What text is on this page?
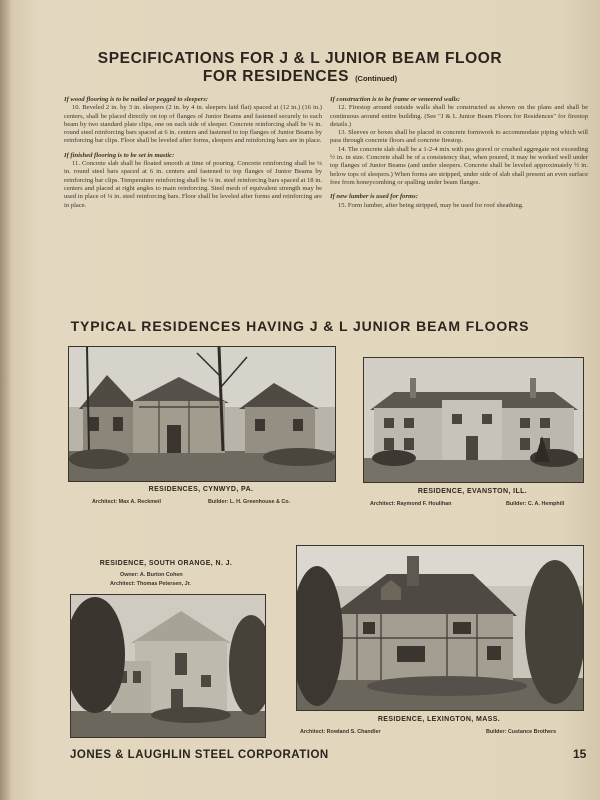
SPECIFICATIONS FOR J & L JUNIOR BEAM FLOOR
FOR RESIDENCES (Continued)

If wood flooring is to be nailed or pegged to sleepers:

10. Beveled 2 in. by 3 in. sleepers (2 in. by 4 in. sleepers laid flat) spaced at (12 in.) (16 in.) centers, shall be placed directly on top of flanges of Junior Beams and fastened securely to each beam by two standard plate clips, one on each side of sleeper. Concrete reinforcing shall be ¼ in. round steel reinforcing bars spaced at 6 in. centers and fastened to top flanges of Junior Beams by reinforcing bar clips. Floor shall be leveled after forms, sleepers and reinforcing bars are in place.

If finished flooring is to be set in mastic:

11. Concrete slab shall be floated smooth at time of pouring. Concrete reinforcing shall be ¼ in. round steel bars spaced at 6 in. centers and fastened to top flanges of Junior Beams by reinforcing bar clips. Temperature reinforcing shall be ¼ in. steel reinforcing bars spaced at 18 in. centers and placed at right angles to main reinforcing. Steel mesh of equivalent strength may be used in place of ¼ in. steel reinforcing bars. Floor shall be leveled after forms and reinforcing are in place.

If construction is to be frame or veneered walls:

12. Firestop around outside walls shall be constructed as shown on the plans and shall be continuous around entire building. (See "J & L Junior Beam Floors for Residences" for firestop details.)

13. Sleeves or boxes shall be placed in concrete formwork to accommodate piping which will pass through concrete floors and concrete firestop.

14. The concrete slab shall be a 1-2-4 mix with pea gravel or crushed aggregate not exceeding ½ in. in size. Concrete shall be of a consistency that, when poured, it may be worked well under top flanges of Junior Beams (and under sleepers. Concrete shall be leveled approximately ½ in. below tops of sleepers.) When forms are stripped, under side of slab shall present an even surface free from honeycombing or spalling under beam flanges.

If new lumber is used for forms:

15. Form lumber, after being stripped, may be used for roof sheathing.

TYPICAL RESIDENCES HAVING J & L JUNIOR BEAM FLOORS
RESIDENCES, CYNWYD, PA.
Architect: Max A. Reckmeil	Builder: L. H. Greenhouse & Co.
RESIDENCE, EVANSTON, ILL.
Architect: Raymond F. Houlihan	Builder: C. A. Hemphill
RESIDENCE, SOUTH ORANGE, N. J.
Owner: A. Burton Cohen
Architect: Thomas Petersen, Jr.
RESIDENCE, LEXINGTON, MASS.
Architect: Rowland S. Chandler	Builder: Custance Brothers
JONES & LAUGHLIN STEEL CORPORATION	15
